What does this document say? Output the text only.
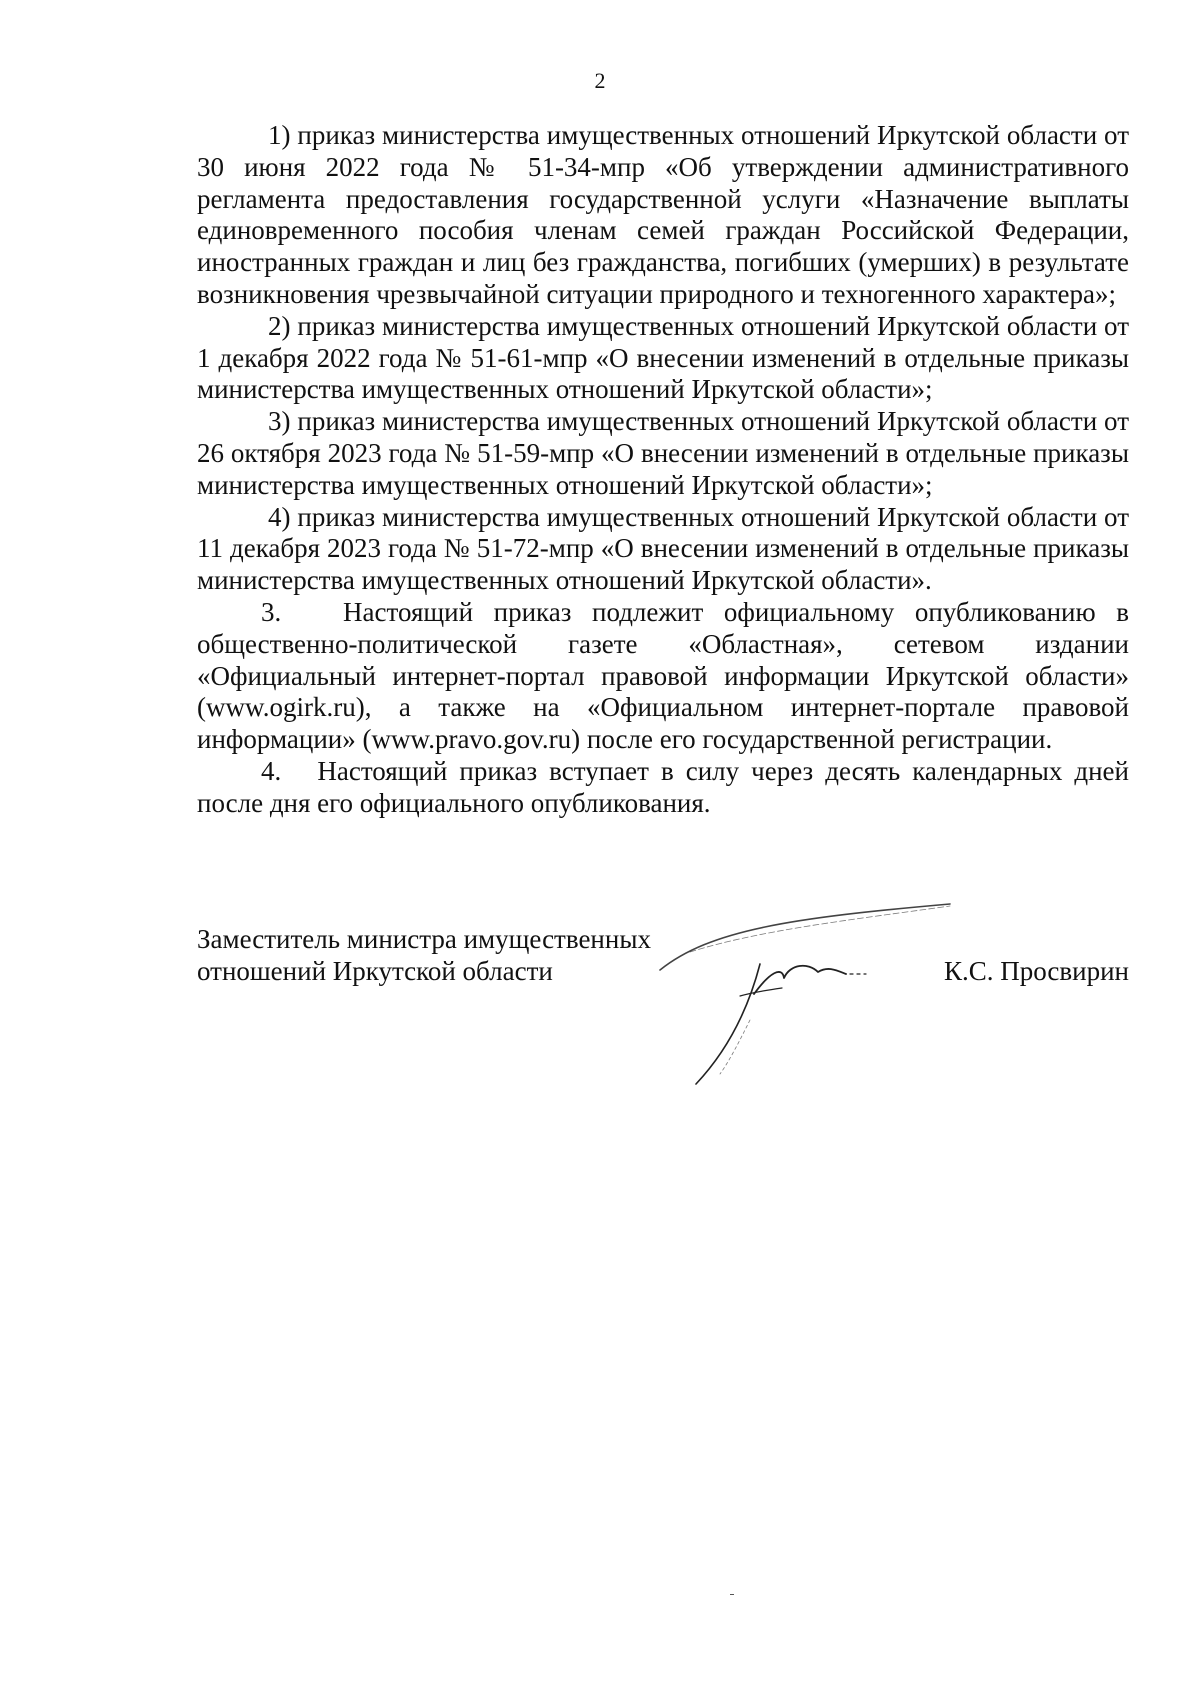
2

1) приказ министерства имущественных отношений Иркутской области от 30 июня 2022 года № 51-34-мпр «Об утверждении административного регламента предоставления государственной услуги «Назначение выплаты единовременного пособия членам семей граждан Российской Федерации, иностранных граждан и лиц без гражданства, погибших (умерших) в результате возникновения чрезвычайной ситуации природного и техногенного характера»;

2) приказ министерства имущественных отношений Иркутской области от 1 декабря 2022 года № 51-61-мпр «О внесении изменений в отдельные приказы министерства имущественных отношений Иркутской области»;

3) приказ министерства имущественных отношений Иркутской области от 26 октября 2023 года № 51-59-мпр «О внесении изменений в отдельные приказы министерства имущественных отношений Иркутской области»;

4) приказ министерства имущественных отношений Иркутской области от 11 декабря 2023 года № 51-72-мпр «О внесении изменений в отдельные приказы министерства имущественных отношений Иркутской области».

3.   Настоящий приказ подлежит официальному опубликованию в общественно-политической газете «Областная», сетевом издании «Официальный интернет-портал правовой информации Иркутской области» (www.ogirk.ru), а также на «Официальном интернет-портале правовой информации» (www.pravo.gov.ru) после его государственной регистрации.

4.   Настоящий приказ вступает в силу через десять календарных дней после дня его официального опубликования.

Заместитель министра имущественных
отношений Иркутской области	К.С. Просвирин
